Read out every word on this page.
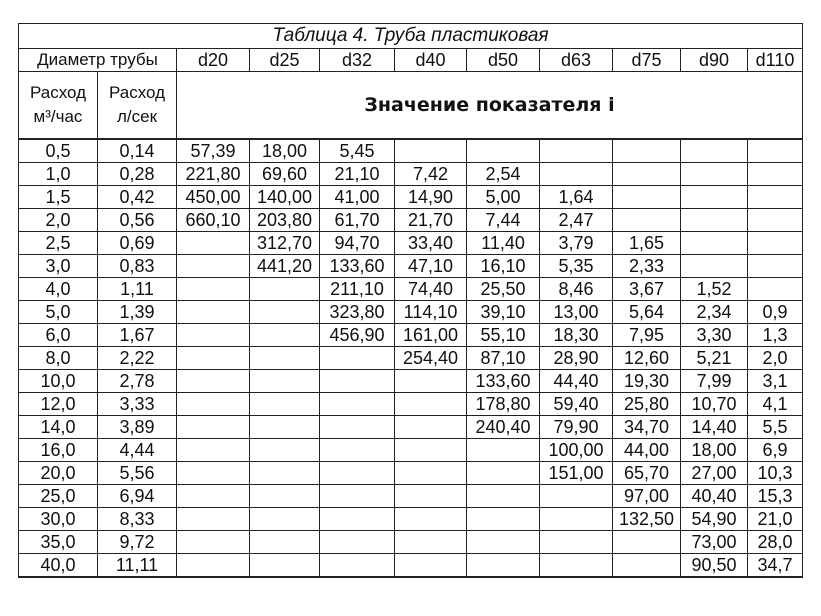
Таблица 4. Труба пластиковая										
Диаметр трубы		d20	d25	d32	d40	d50	d63	d75	d90	d110

Расход м³/час	Расход л/сек	Значение показателя i								
0,5	0,14	57,39	18,00	5,45						
1,0	0,28	221,80	69,60	21,10	7,42	2,54				
1,5	0,42	450,00	140,00	41,00	14,90	5,00	1,64			
2,0	0,56	660,10	203,80	61,70	21,70	7,44	2,47			
2,5	0,69		312,70	94,70	33,40	11,40	3,79	1,65		
3,0	0,83		441,20	133,60	47,10	16,10	5,35	2,33		
4,0	1,11			211,10	74,40	25,50	8,46	3,67	1,52	
5,0	1,39			323,80	114,10	39,10	13,00	5,64	2,34	0,9
6,0	1,67			456,90	161,00	55,10	18,30	7,95	3,30	1,3
8,0	2,22				254,40	87,10	28,90	12,60	5,21	2,0
10,0	2,78					133,60	44,40	19,30	7,99	3,1
12,0	3,33					178,80	59,40	25,80	10,70	4,1
14,0	3,89					240,40	79,90	34,70	14,40	5,5
16,0	4,44						100,00	44,00	18,00	6,9
20,0	5,56						151,00	65,70	27,00	10,3
25,0	6,94							97,00	40,40	15,3
30,0	8,33							132,50	54,90	21,0
35,0	9,72								73,00	28,0
40,0	11,11								90,50	34,7
